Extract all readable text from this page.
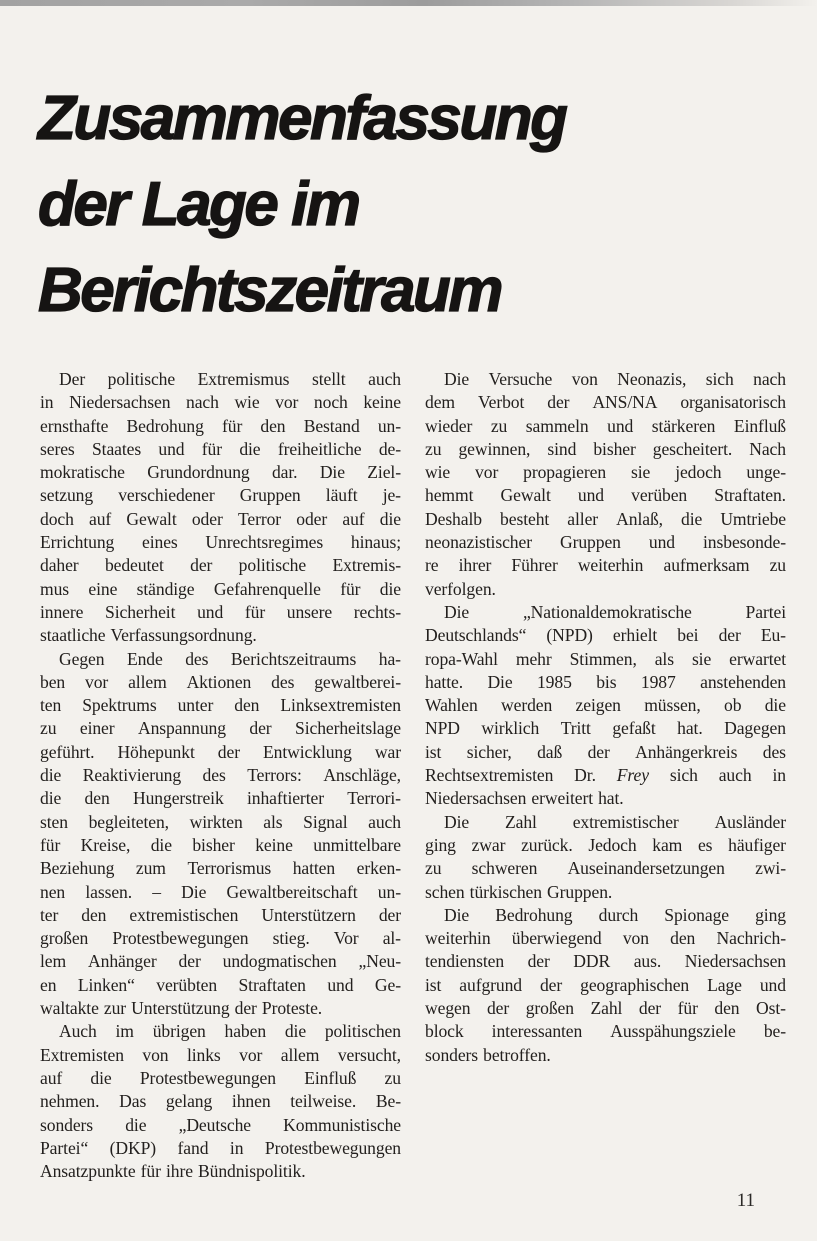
Zusammenfassung
der Lage im
Berichtszeitraum
Der politische Extremismus stellt auch
in Niedersachsen nach wie vor noch keine
ernsthafte Bedrohung für den Bestand un-
seres Staates und für die freiheitliche de-
mokratische Grundordnung dar. Die Ziel-
setzung verschiedener Gruppen läuft je-
doch auf Gewalt oder Terror oder auf die
Errichtung eines Unrechtsregimes hinaus;
daher bedeutet der politische Extremis-
mus eine ständige Gefahrenquelle für die
innere Sicherheit und für unsere rechts-
staatliche Verfassungsordnung.
Gegen Ende des Berichtszeitraums ha-
ben vor allem Aktionen des gewaltberei-
ten Spektrums unter den Linksextremisten
zu einer Anspannung der Sicherheitslage
geführt. Höhepunkt der Entwicklung war
die Reaktivierung des Terrors: Anschläge,
die den Hungerstreik inhaftierter Terrori-
sten begleiteten, wirkten als Signal auch
für Kreise, die bisher keine unmittelbare
Beziehung zum Terrorismus hatten erken-
nen lassen. – Die Gewaltbereitschaft un-
ter den extremistischen Unterstützern der
großen Protestbewegungen stieg. Vor al-
lem Anhänger der undogmatischen „Neu-
en Linken“ verübten Straftaten und Ge-
waltakte zur Unterstützung der Proteste.
Auch im übrigen haben die politischen
Extremisten von links vor allem versucht,
auf die Protestbewegungen Einfluß zu
nehmen. Das gelang ihnen teilweise. Be-
sonders die „Deutsche Kommunistische
Partei“ (DKP) fand in Protestbewegungen
Ansatzpunkte für ihre Bündnispolitik.
Die Versuche von Neonazis, sich nach
dem Verbot der ANS/NA organisatorisch
wieder zu sammeln und stärkeren Einfluß
zu gewinnen, sind bisher gescheitert. Nach
wie vor propagieren sie jedoch unge-
hemmt Gewalt und verüben Straftaten.
Deshalb besteht aller Anlaß, die Umtriebe
neonazistischer Gruppen und insbesonde-
re ihrer Führer weiterhin aufmerksam zu
verfolgen.
Die	„Nationaldemokratische	Partei
Deutschlands“ (NPD) erhielt bei der Eu-
ropa-Wahl mehr Stimmen, als sie erwartet
hatte. Die 1985 bis 1987 anstehenden
Wahlen werden zeigen müssen, ob die
NPD wirklich Tritt gefaßt hat. Dagegen
ist sicher, daß der Anhängerkreis des
Rechtsextremisten Dr. Frey sich auch in
Niedersachsen erweitert hat.
Die Zahl extremistischer Ausländer
ging zwar zurück. Jedoch kam es häufiger
zu schweren Auseinandersetzungen zwi-
schen türkischen Gruppen.
Die Bedrohung durch Spionage ging
weiterhin überwiegend von den Nachrich-
tendiensten der DDR aus. Niedersachsen
ist aufgrund der geographischen Lage und
wegen der großen Zahl der für den Ost-
block interessanten Ausspähungsziele be-
sonders betroffen.
11
